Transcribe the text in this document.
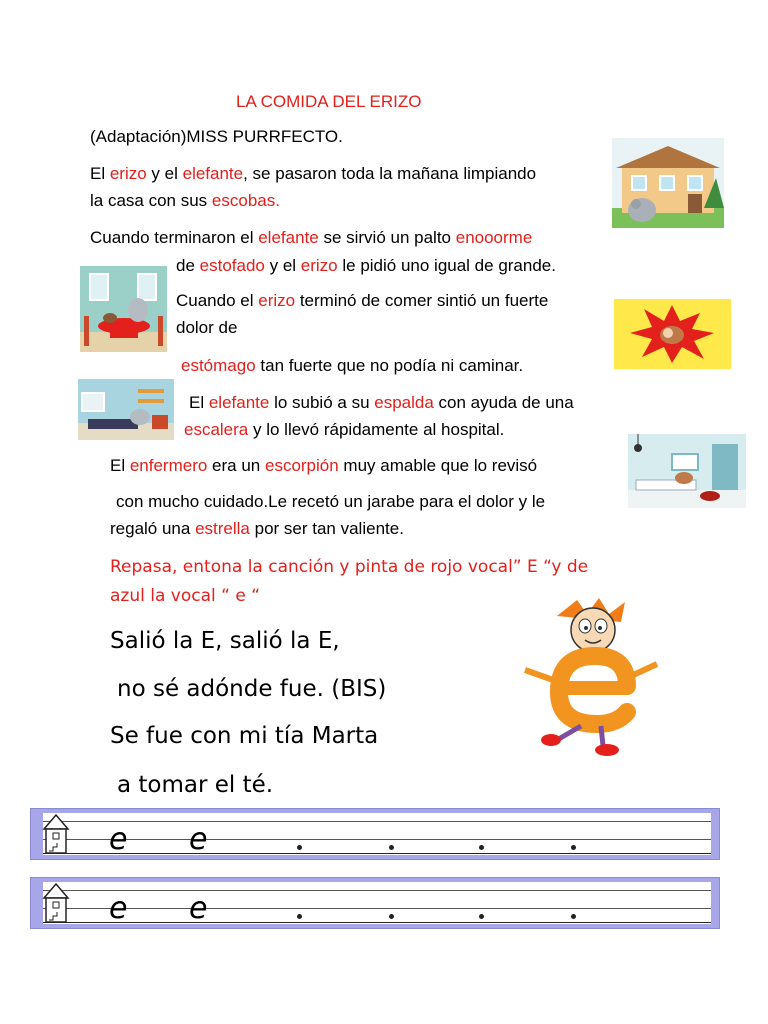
LA COMIDA DEL ERIZO
(Adaptación)MISS PURRFECTO.
El erizo y el elefante, se pasaron toda la mañana limpiando
la casa con sus escobas.
Cuando terminaron el elefante se sirvió un palto enooorme
de estofado y el erizo le pidió uno igual de grande.
Cuando el erizo terminó de comer sintió un fuerte
dolor de
estómago tan fuerte que no podía ni caminar.
El elefante lo subió a su espalda con ayuda de una
escalera y lo llevó rápidamente al hospital.
El enfermero era un escorpión muy amable que lo revisó
con mucho cuidado.Le recetó un jarabe para el dolor y le
regaló una estrella por ser tan valiente.
Repasa, entona la canción y pinta de rojo vocal” E “y de
azul la vocal “ e “
Salió la E, salió la E,
no sé adónde fue. (BIS)
Se fue con mi tía Marta
a tomar el té.
e e
e e
